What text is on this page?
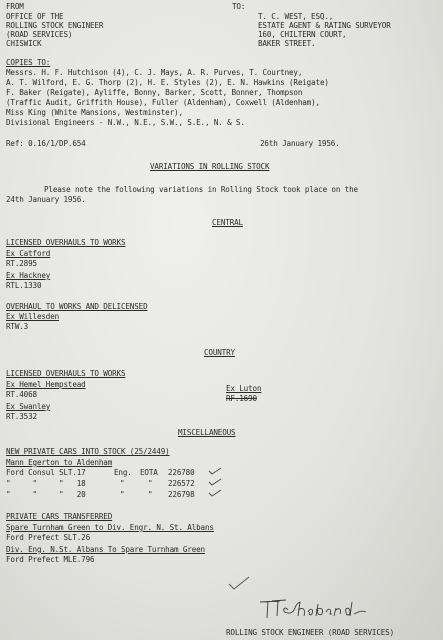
FROM
OFFICE OF THE
ROLLING STOCK ENGINEER
(ROAD SERVICES)
CHISWICK
TO:
T. C. WEST, ESQ.,
ESTATE AGENT & RATING SURVEYOR
160, CHILTERN COURT,
BAKER STREET.
COPIES TO:
Messrs. H. F. Hutchison (4), C. J. Mays, A. R. Purves, T. Courtney,
A. T. Wilford, E. G. Thorp (2), H. E. Styles (2), E. N. Hawkins (Reigate)
F. Baker (Reigate), Ayliffe, Bonny, Barker, Scott, Bonner, Thompson
(Traffic Audit, Griffith House), Fuller (Aldenham), Coxwell (Aldenham),
Miss King (White Mansions, Westminster),
Divisional Engineers - N.W., N.E., S.W., S.E., N. & S.
Ref: 0.16/1/DP.654	26th January 1956.
VARIATIONS IN ROLLING STOCK
Please note the following variations in Rolling Stock took place on the
24th January 1956.
CENTRAL
LICENSED OVERHAULS TO WORKS
Ex Catford
RT.2895
Ex Hackney
RTL.1330
OVERHAUL TO WORKS AND DELICENSED
Ex Willesden
RTW.3
COUNTRY
LICENSED OVERHAULS TO WORKS
Ex Hemel Hempstead
RT.4068
Ex Swanley
RT.3532
Ex Luton
RF.1690
MISCELLANEOUS
NEW PRIVATE CARS INTO STOCK (25/2449)
Mann Egerton to Aldenham
Ford Consul SLT.17	Eng. EOTA 226780
"     "     "   18	"	" 226572
"     "     "   20	"	" 226798
PRIVATE CARS TRANSFERRED
Spare Turnham Green to Div. Engr. N. St. Albans
Ford Prefect SLT.26
Div. Eng. N.St. Albans To Spare Turnham Green
Ford Prefect MLE.796
ROLLING STOCK ENGINEER (ROAD SERVICES)
